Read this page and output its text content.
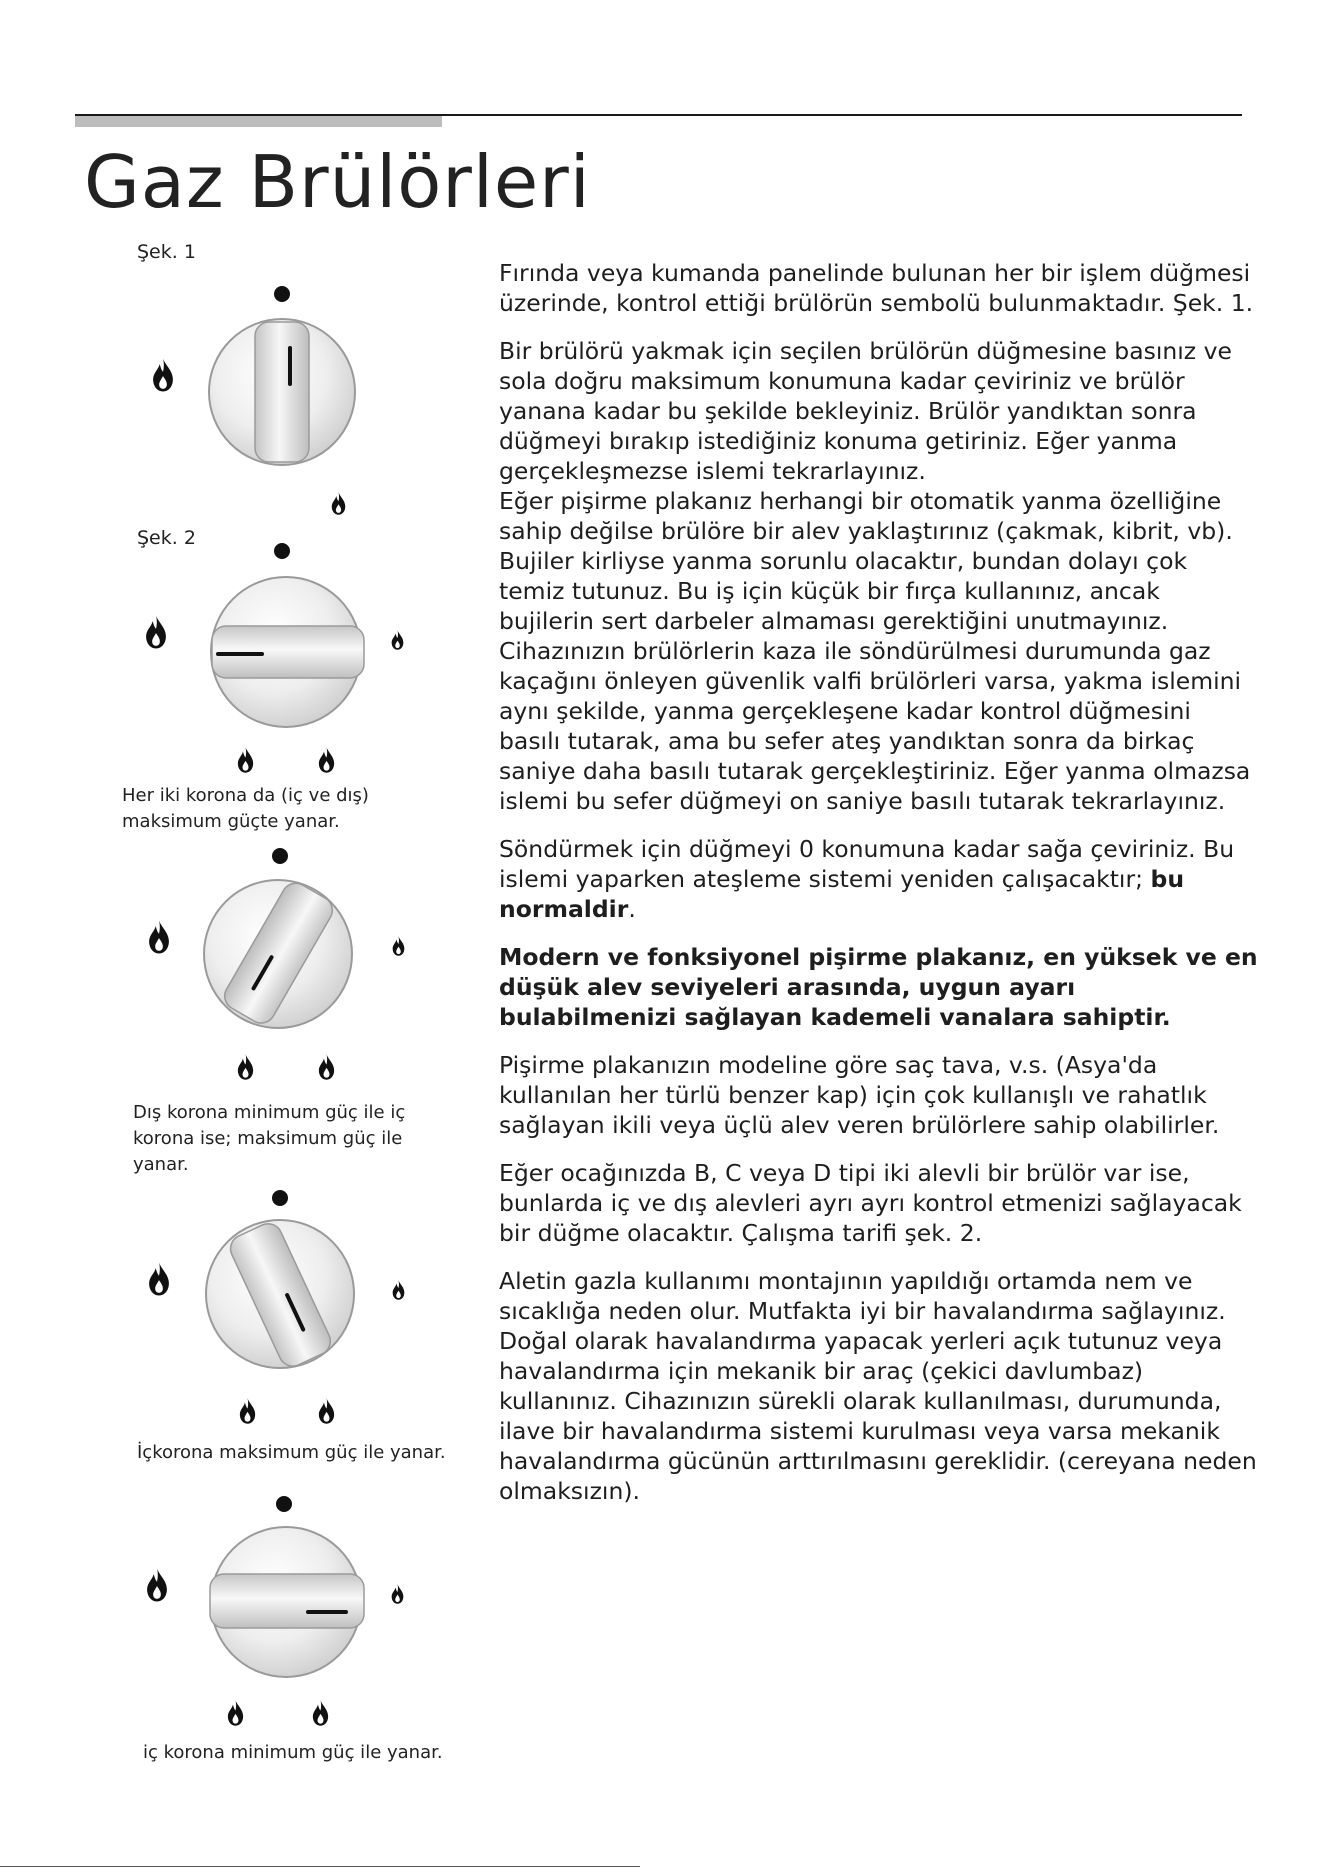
Gaz Brülörleri
Şek. 1
Şek. 2
Her iki korona da (iç ve dış) maksimum güçte yanar.
Dış korona minimum güç ile iç korona ise; maksimum güç ile yanar.
İçkorona maksimum güç ile yanar.
iç korona minimum güç ile yanar.

Fırında veya kumanda panelinde bulunan her bir işlem düğmesi üzerinde, kontrol ettiği brülörün sembolü bulunmaktadır. Şek. 1.

Bir brülörü yakmak için seçilen brülörün düğmesine basınız ve sola doğru maksimum konumuna kadar çeviriniz ve brülör yanana kadar bu şekilde bekleyiniz. Brülör yandıktan sonra düğmeyi bırakıp istediğiniz konuma getiriniz. Eğer yanma gerçekleşmezse islemi tekrarlayınız.

Eğer pişirme plakanız herhangi bir otomatik yanma özelliğine sahip değilse brülöre bir alev yaklaştırınız (çakmak, kibrit, vb). Bujiler kirliyse yanma sorunlu olacaktır, bundan dolayı çok temiz tutunuz. Bu iş için küçük bir fırça kullanınız, ancak bujilerin sert darbeler almaması gerektiğini unutmayınız. Cihazınızın brülörlerin kaza ile söndürülmesi durumunda gaz kaçağını önleyen güvenlik valfi brülörleri varsa, yakma islemini aynı şekilde, yanma gerçekleşene kadar kontrol düğmesini basılı tutarak, ama bu sefer ateş yandıktan sonra da birkaç saniye daha basılı tutarak gerçekleştiriniz. Eğer yanma olmazsa islemi bu sefer düğmeyi on saniye basılı tutarak tekrarlayınız.

Söndürmek için düğmeyi 0 konumuna kadar sağa çeviriniz. Bu islemi yaparken ateşleme sistemi yeniden çalışacaktır; bu normaldir.

Modern ve fonksiyonel pişirme plakanız, en yüksek ve en düşük alev seviyeleri arasında, uygun ayarı bulabilmenizi sağlayan kademeli vanalara sahiptir.

Pişirme plakanızın modeline göre saç tava, v.s. (Asya'da kullanılan her türlü benzer kap) için çok kullanışlı ve rahatlık sağlayan ikili veya üçlü alev veren brülörlere sahip olabilirler.

Eğer ocağınızda B, C veya D tipi iki alevli bir brülör var ise, bunlarda iç ve dış alevleri ayrı ayrı kontrol etmenizi sağlayacak bir düğme olacaktır. Çalışma tarifi şek. 2.

Aletin gazla kullanımı montajının yapıldığı ortamda nem ve sıcaklığa neden olur. Mutfakta iyi bir havalandırma sağlayınız. Doğal olarak havalandırma yapacak yerleri açık tutunuz veya havalandırma için mekanik bir araç (çekici davlumbaz) kullanınız. Cihazınızın sürekli olarak kullanılması, durumunda, ilave bir havalandırma sistemi kurulması veya varsa mekanik havalandırma gücünün arttırılmasını gereklidir. (cereyana neden olmaksızın).
